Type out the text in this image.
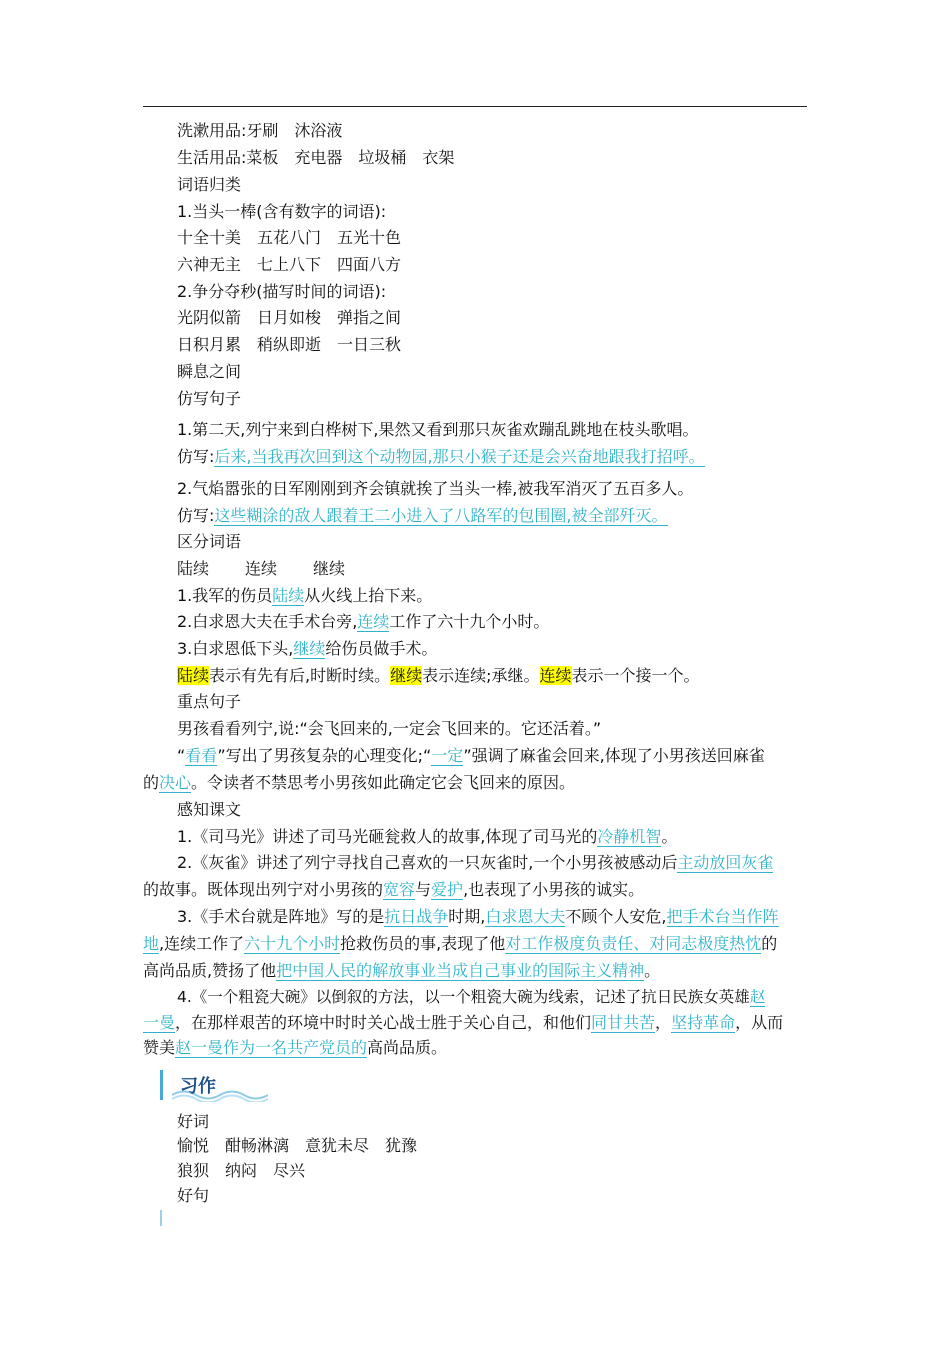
洗漱用品:牙刷　沐浴液
生活用品:菜板　充电器　垃圾桶　衣架
词语归类
1.当头一棒(含有数字的词语):
十全十美　五花八门　五光十色
六神无主　七上八下　四面八方
2.争分夺秒(描写时间的词语):
光阴似箭　日月如梭　弹指之间
日积月累　稍纵即逝　一日三秋
瞬息之间
仿写句子
1.第二天,列宁来到白桦树下,果然又看到那只灰雀欢蹦乱跳地在枝头歌唱。
仿写:后来,当我再次回到这个动物园,那只小猴子还是会兴奋地跟我打招呼。
2.气焰嚣张的日军刚刚到齐会镇就挨了当头一棒,被我军消灭了五百多人。
仿写:这些糊涂的敌人跟着王二小进入了八路军的包围圈,被全部歼灭。
区分词语
陆续 连续 继续
1.我军的伤员陆续从火线上抬下来。
2.白求恩大夫在手术台旁,连续工作了六十九个小时。
3.白求恩低下头,继续给伤员做手术。
陆续表示有先有后,时断时续。继续表示连续;承继。连续表示一个接一个。
重点句子
男孩看看列宁,说:“会飞回来的,一定会飞回来的。它还活着。”
“看看”写出了男孩复杂的心理变化;“一定”强调了麻雀会回来,体现了小男孩送回麻雀
的决心。令读者不禁思考小男孩如此确定它会飞回来的原因。
感知课文
1.《司马光》讲述了司马光砸瓮救人的故事,体现了司马光的冷静机智。
2.《灰雀》讲述了列宁寻找自己喜欢的一只灰雀时,一个小男孩被感动后主动放回灰雀
的故事。既体现出列宁对小男孩的宽容与爱护,也表现了小男孩的诚实。
3.《手术台就是阵地》写的是抗日战争时期,白求恩大夫不顾个人安危,把手术台当作阵
地,连续工作了六十九个小时抢救伤员的事,表现了他对工作极度负责任、对同志极度热忱的
高尚品质,赞扬了他把中国人民的解放事业当成自己事业的国际主义精神。
4.《一个粗瓷大碗》以倒叙的方法，以一个粗瓷大碗为线索，记述了抗日民族女英雄赵
一曼，在那样艰苦的环境中时时关心战士胜于关心自己，和他们同甘共苦，坚持革命，从而
赞美赵一曼作为一名共产党员的高尚品质。
习作
好词
愉悦　酣畅淋漓　意犹未尽　犹豫
狼狈　纳闷　尽兴
好句
